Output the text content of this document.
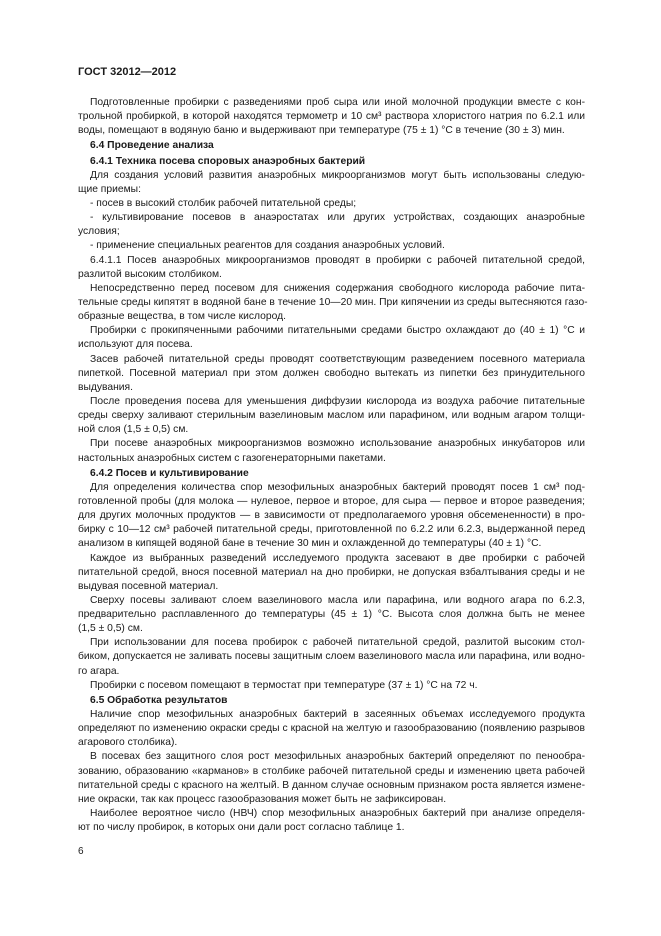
ГОСТ 32012—2012
Подготовленные пробирки с разведениями проб сыра или иной молочной продукции вместе с кон-
трольной пробиркой, в которой находятся термометр и 10 см³ раствора хлористого натрия по 6.2.1 или
воды, помещают в водяную баню и выдерживают при температуре (75 ± 1) °С в течение (30 ± 3) мин.
6.4 Проведение анализа
6.4.1 Техника посева споровых анаэробных бактерий
Для создания условий развития анаэробных микроорганизмов могут быть использованы следую-
щие приемы:
- посев в высокий столбик рабочей питательной среды;
- культивирование посевов в анаэростатах или других устройствах, создающих анаэробные
условия;
- применение специальных реагентов для создания анаэробных условий.
6.4.1.1 Посев анаэробных микроорганизмов проводят в пробирки с рабочей питательной средой,
разлитой высоким столбиком.
Непосредственно перед посевом для снижения содержания свободного кислорода рабочие пита-
тельные среды кипятят в водяной бане в течение 10—20 мин. При кипячении из среды вытесняются газо-
образные вещества, в том числе кислород.
Пробирки с прокипяченными рабочими питательными средами быстро охлаждают до (40 ± 1) °С и
используют для посева.
Засев рабочей питательной среды проводят соответствующим разведением посевного материала
пипеткой. Посевной материал при этом должен свободно вытекать из пипетки без принудительного
выдувания.
После проведения посева для уменьшения диффузии кислорода из воздуха рабочие питательные
среды сверху заливают стерильным вазелиновым маслом или парафином, или водным агаром толщи-
ной слоя (1,5 ± 0,5) см.
При посеве анаэробных микроорганизмов возможно использование анаэробных инкубаторов или
настольных анаэробных систем с газогенераторными пакетами.
6.4.2 Посев и культивирование
Для определения количества спор мезофильных анаэробных бактерий проводят посев 1 см³ под-
готовленной пробы (для молока — нулевое, первое и второе, для сыра — первое и второе разведения;
для других молочных продуктов — в зависимости от предполагаемого уровня обсемененности) в про-
бирку с 10—12 см³ рабочей питательной среды, приготовленной по 6.2.2 или 6.2.3, выдержанной перед
анализом в кипящей водяной бане в течение 30 мин и охлажденной до температуры (40 ± 1) °С.
Каждое из выбранных разведений исследуемого продукта засевают в две пробирки с рабочей
питательной средой, внося посевной материал на дно пробирки, не допуская взбалтывания среды и не
выдувая посевной материал.
Сверху посевы заливают слоем вазелинового масла или парафина, или водного агара по 6.2.3,
предварительно расплавленного до температуры (45 ± 1) °С. Высота слоя должна быть не менее
(1,5 ± 0,5) см.
При использовании для посева пробирок с рабочей питательной средой, разлитой высоким стол-
биком, допускается не заливать посевы защитным слоем вазелинового масла или парафина, или водно-
го агара.
Пробирки с посевом помещают в термостат при температуре (37 ± 1) °С на 72 ч.
6.5 Обработка результатов
Наличие спор мезофильных анаэробных бактерий в засеянных объемах исследуемого продукта
определяют по изменению окраски среды с красной на желтую и газообразованию (появлению разрывов
агарового столбика).
В посевах без защитного слоя рост мезофильных анаэробных бактерий определяют по пенообра-
зованию, образованию «карманов» в столбике рабочей питательной среды и изменению цвета рабочей
питательной среды с красного на желтый. В данном случае основным признаком роста является измене-
ние окраски, так как процесс газообразования может быть не зафиксирован.
Наиболее вероятное число (НВЧ) спор мезофильных анаэробных бактерий при анализе определя-
ют по числу пробирок, в которых они дали рост согласно таблице 1.
6
